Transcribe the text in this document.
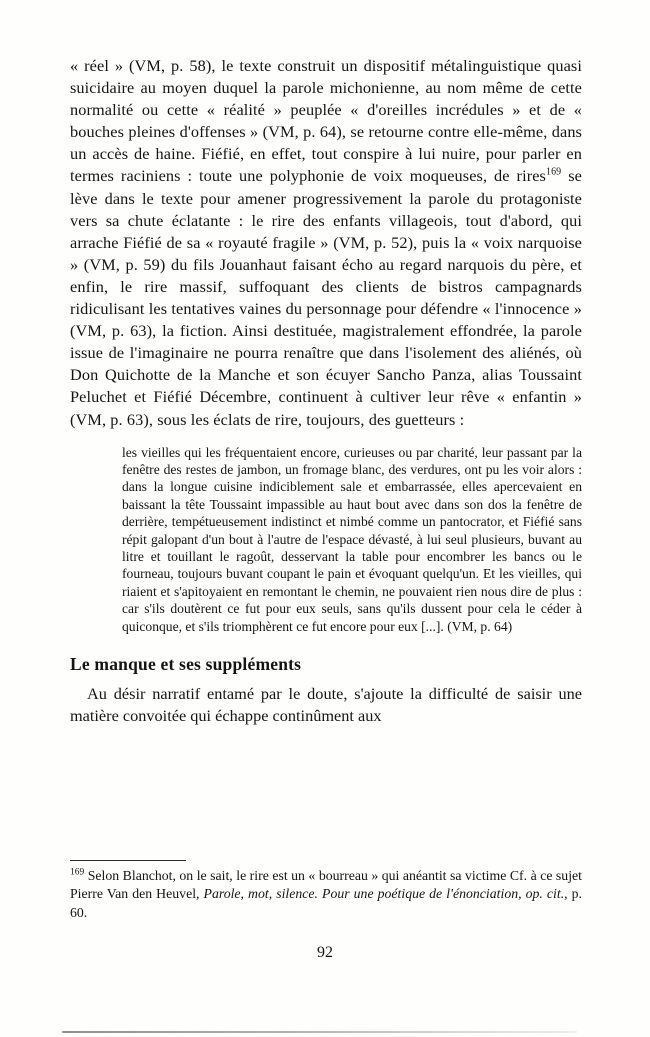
« réel » (VM, p. 58), le texte construit un dispositif métalinguistique quasi suicidaire au moyen duquel la parole michonienne, au nom même de cette normalité ou cette « réalité » peuplée « d'oreilles incrédules » et de « bouches pleines d'offenses » (VM, p. 64), se retourne contre elle-même, dans un accès de haine. Fiéfié, en effet, tout conspire à lui nuire, pour parler en termes raciniens : toute une polyphonie de voix moqueuses, de rires$^{169}$ se lève dans le texte pour amener progressivement la parole du protagoniste vers sa chute éclatante : le rire des enfants villageois, tout d'abord, qui arrache Fiéfié de sa « royauté fragile » (VM, p. 52), puis la « voix narquoise » (VM, p. 59) du fils Jouanhaut faisant écho au regard narquois du père, et enfin, le rire massif, suffoquant des clients de bistros campagnards ridiculisant les tentatives vaines du personnage pour défendre « l'innocence » (VM, p. 63), la fiction. Ainsi destituée, magistralement effondrée, la parole issue de l'imaginaire ne pourra renaître que dans l'isolement des aliénés, où Don Quichotte de la Manche et son écuyer Sancho Panza, alias Toussaint Peluchet et Fiéfié Décembre, continuent à cultiver leur rêve « enfantin » (VM, p. 63), sous les éclats de rire, toujours, des guetteurs :

les vieilles qui les fréquentaient encore, curieuses ou par charité, leur passant par la fenêtre des restes de jambon, un fromage blanc, des verdures, ont pu les voir alors : dans la longue cuisine indiciblement sale et embarrassée, elles apercevaient en baissant la tête Toussaint impassible au haut bout avec dans son dos la fenêtre de derrière, tempétueusement indistinct et nimbé comme un pantocrator, et Fiéfié sans répit galopant d'un bout à l'autre de l'espace dévasté, à lui seul plusieurs, buvant au litre et touillant le ragoût, desservant la table pour encombrer les bancs ou le fourneau, toujours buvant coupant le pain et évoquant quelqu'un. Et les vieilles, qui riaient et s'apitoyaient en remontant le chemin, ne pouvaient rien nous dire de plus : car s'ils doutèrent ce fut pour eux seuls, sans qu'ils dussent pour cela le céder à quiconque, et s'ils triomphèrent ce fut encore pour eux [...]. (VM, p. 64)
Le manque et ses suppléments

Au désir narratif entamé par le doute, s'ajoute la difficulté de saisir une matière convoitée qui échappe continûment aux

$^{169}$ Selon Blanchot, on le sait, le rire est un « bourreau » qui anéantit sa victime Cf. à ce sujet Pierre Van den Heuvel, Parole, mot, silence. Pour une poétique de l'énonciation, op. cit., p. 60.

92
